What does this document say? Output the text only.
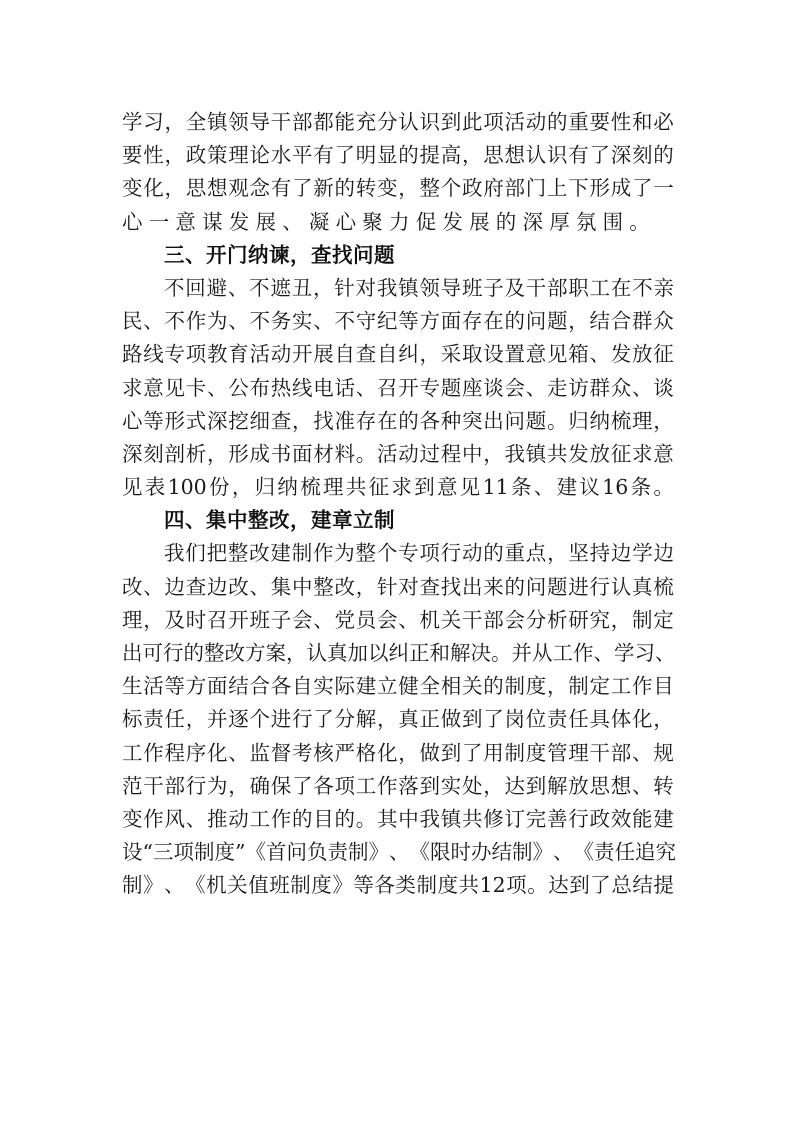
学 习 ， 全 镇 领 导 干 部 都 能 充 分 认 识 到 此 项 活 动 的 重 要 性 和 必
要 性 ， 政 策 理 论 水 平 有 了 明 显 的 提 高 ， 思 想 认 识 有 了 深 刻 的
变 化 ， 思 想 观 念 有 了 新 的 转 变 ， 整 个 政 府 部 门 上 下 形 成 了 一
心一意谋发展、凝心聚力促发展的深厚氛围。
三、开门纳谏，查找问题
不 回 避 、 不 遮 丑 ， 针 对 我 镇 领 导 班 子 及 干 部 职 工 在 不 亲
民 、 不 作 为 、 不 务 实 、 不 守 纪 等 方 面 存 在 的 问 题 ， 结 合 群 众
路 线 专 项 教 育 活 动 开 展 自 查 自 纠 ， 采 取 设 置 意 见 箱 、 发 放 征
求 意 见 卡 、 公 布 热 线 电 话 、 召 开 专 题 座 谈 会 、 走 访 群 众 、 谈
心 等 形 式 深 挖 细 查 ， 找 准 存 在 的 各 种 突 出 问 题 。 归 纳 梳 理 ，
深 刻 剖 析 ， 形 成 书 面 材 料 。 活 动 过 程 中 ， 我 镇 共 发 放 征 求 意
见 表 100 份 ， 归 纳 梳 理 共 征 求 到 意 见 11 条 、 建 议 16 条 。
四、集中整改，建章立制
我 们 把 整 改 建 制 作 为 整 个 专 项 行 动 的 重 点 ， 坚 持 边 学 边
改 、 边 查 边 改 、 集 中 整 改 ， 针 对 查 找 出 来 的 问 题 进 行 认 真 梳
理 ， 及 时 召 开 班 子 会 、 党 员 会 、 机 关 干 部 会 分 析 研 究 ， 制 定
出 可 行 的 整 改 方 案 ， 认 真 加 以 纠 正 和 解 决 。 并 从 工 作 、 学 习 、
生 活 等 方 面 结 合 各 自 实 际 建 立 健 全 相 关 的 制 度 ， 制 定 工 作 目
标 责 任 ， 并 逐 个 进 行 了 分 解 ， 真 正 做 到 了 岗 位 责 任 具 体 化 ，
工 作 程 序 化 、 监 督 考 核 严 格 化 ， 做 到 了 用 制 度 管 理 干 部 、 规
范 干 部 行 为 ， 确 保 了 各 项 工 作 落 到 实 处 ， 达 到 解 放 思 想 、 转
变 作 风 、 推 动 工 作 的 目 的 。 其 中 我 镇 共 修 订 完 善 行 政 效 能 建
设 “ 三 项 制 度 ” 《 首 问 负 责 制 》 、 《 限 时 办 结 制 》 、 《 责 任 追 究
制 》 、 《 机 关 值 班 制 度 》 等 各 类 制 度 共 12 项 。 达 到 了 总 结 提
